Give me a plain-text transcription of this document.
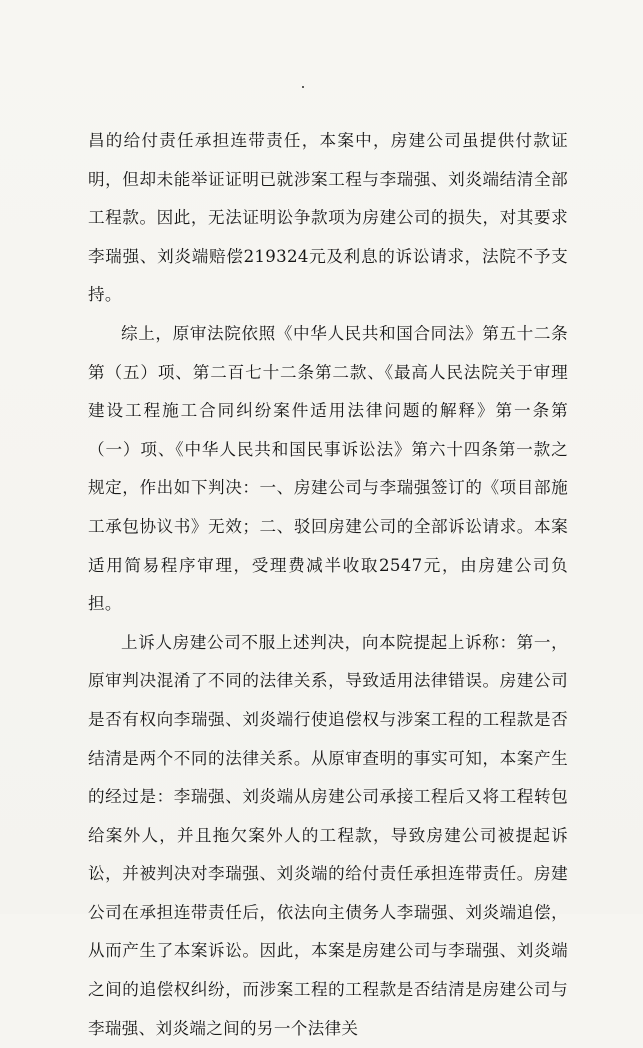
昌的给付责任承担连带责任，本案中，房建公司虽提供付款证明，但却未能举证证明已就涉案工程与李瑞强、刘炎端结清全部工程款。因此，无法证明讼争款项为房建公司的损失，对其要求李瑞强、刘炎端赔偿219324元及利息的诉讼请求，法院不予支持。

综上，原审法院依照《中华人民共和国合同法》第五十二条第（五）项、第二百七十二条第二款、《最高人民法院关于审理建设工程施工合同纠纷案件适用法律问题的解释》第一条第（一）项、《中华人民共和国民事诉讼法》第六十四条第一款之规定，作出如下判决：一、房建公司与李瑞强签订的《项目部施工承包协议书》无效；二、驳回房建公司的全部诉讼请求。本案适用简易程序审理，受理费减半收取2547元，由房建公司负担。

上诉人房建公司不服上述判决，向本院提起上诉称：第一，原审判决混淆了不同的法律关系，导致适用法律错误。房建公司是否有权向李瑞强、刘炎端行使追偿权与涉案工程的工程款是否结清是两个不同的法律关系。从原审查明的事实可知，本案产生的经过是：李瑞强、刘炎端从房建公司承接工程后又将工程转包给案外人，并且拖欠案外人的工程款，导致房建公司被提起诉讼，并被判决对李瑞强、刘炎端的给付责任承担连带责任。房建公司在承担连带责任后，依法向主债务人李瑞强、刘炎端追偿，从而产生了本案诉讼。因此，本案是房建公司与李瑞强、刘炎端之间的追偿权纠纷，而涉案工程的工程款是否结清是房建公司与李瑞强、刘炎端之间的另一个法律关
